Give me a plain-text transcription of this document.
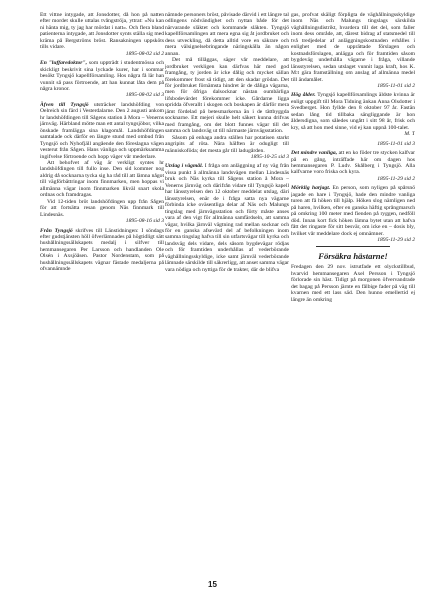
Ett vittne intygade, att Jonsdotter, då hon på natten efter mordet skulle uttalas tvångströja, yttrat: »Nu kan ni hänta mig, ty jag har mördat i natt». Och flera bland patienterna intygade, att Jonsdotter synts ställa sig med kräma på Bergströms bröst. Ransakningen uppsköts tills vidare.

1895-08-02 sid 2

En "luffaredoktor", som uppträdt i studentmössa och skickligt beskrivit sina lyckade kurer, har i sommar besökt Tyngsjö kapellförsamling. Hos några få lär han vunnit så pass förtroende, att han kunnat låta dem på några kronor.

1895-08-02 sid 3

Äfven till Tyngsjö utsträcker landshöfding von Oelreich sin färd i Vesterdalarne. Den 2 augusti ankom hr landshöfdingen till Sågens station å Mora – Venerns järnväg. Härbland mötte man ett antal tyngsjöbor, vilka önskade framlägga sina klagomål. Landshöfdingen samtalade ock därför en längre stund med ombud från Tyngsjö och Nyhofjäll angående den föreslagna vägen vesterut från Sågen. Hans vänliga och uppmärksamma ingifvelse förtroende och hopp väger vår mederlare.

Att behofvet af väg är verkligt syntes hr landshöfdingen till fullo inse. Den sid kommer nog aldrig då socknarna tycka sig ha råd till att lämna något till vägförbättringar inom finnmarken, men hoppas vi allmänna vägar inom finnmarken likväl snart skola ordnas och framdragas.

Vid 12-tiden bröt landshöfdingen upp från Sågen för att fortsätta resan genom Näs finnmark till Lindesnäs.

1895-08-16 sid 3

Från Tyngsjö skrifves till Länstidningen: I söndags efter gudstjänsten höll öfverlämnades på högtidligt sätt hushållningssällskapets medalj i silfver till hemmansegaren Per Larsson och handlanden Ole Olsén i Axsjöåsen. Pastor Nordenstam, som på hushållningssällskapets vägnar fästade medaljerna på ofvannämnde

nämnde personers bröst, påvisade därvid i ett längre tal odlingens nödvändighet och nyttan både för det närvarande släktet och kommande släkten. Tyngsjö kapellförsamlingen att mera egna sig åt jordbruket och dess utveckling, då detta alltid vore en säkrare och mera välsignelsebringande näringskälla än någon annan.

Det må tillåggas, säger vår meddelare, att jordbruket verkligen kan därfvas här med god framgång, ty jorden är icke dålig och mycket sällan förekommer frost så tidigt, att den skadar grödan. Det för jordbruket förnämsta hindret är de dåliga vägarna, men för öfriga dalsocknar nästan oumbärliga lifsbodevärdet förekommer icke. Gårdarne ligga spridda öfverallt i skogen och boskapen är därför mera jämt fördelad på betesmarkerna än i de tättbyggda socknarne. Ett mejeri skulle helt säkert kunna drifvas med framgång, om det blott funnes vägar till det samma och landsväg ut till närmaste järnvägsstation.

Såsom på enhaga andra ställen har potatisen starkt angripits af röta. Nära hälften är odugligt till människoföda; det mesta går till ladugården.

1895-10-25 sid 3

Utslag i vägmål. I fråga om anläggning af ny väg från vissa punkt å allmänna landsvägen mellan Lindesnäs bruk och Näs kyrka till Sågens station å Mora – Venerns järnväg och därifrån vidare till Tyngsjö kapell har länsstyrelsen den 12 oktober meddelat utslag, däri länsstyrelsen, enär de i fråga satta nya vägarne förbinda icke oväsentliga delar af Näs och Malungs tingslag med järnvägsstation och förty måste anses vara af den vigt för allmänna samfärdseln, att samma vägar, hvilka järnväl vägtning rad mellan socknar och för en ganska afsevärd del af befolkningen inom samma tingslag hafva till sin utfartsvägar till kyrka och landsväg dels vidare, dels såsom bygdevägar rödjas och för framtiden underhållas af vederbörande väghållningsskyldige, icke samt järnväl vederbörande lämnade särskilde till säkrerligg, att anset samma vägar vara nödiga och nyttiga för de trakter, där de blifva

gas, profvat skäligt förpligta de väghållningsskyldige inom Näs och Malungs tingslags särskilda väghållningsdistrikt, hvardera till det del, som faller inom dess område, att, därest bidrag af statsmedel till två tredjedelar af anläggningskostnaden erhålles i enlighet med de upprättade förslagen och kostnadsförslagen, anlägga och för framtiden såsom bygdeväg underhålla vägarne i fråga, villande länsstyrelsen, sedan utslaget vunnit laga kraft, hos K. M:t gära framställning om anslag af allmänna medel till ändamålet.

1895-11-01 sid 2

Hög ålder. Tyngsjö kapellförsamlings äldste kvinna är enligt uppgift till Mora Tidning änkan Anna Olsdotter i Svedberget. Hon fyllde den 8 oktober 97 år. Fastän sedan lång tid tillbaka sängliggande är hon åldersdigna, som således ungått i sitt 98 år, frisk och kry, så att hon med sinne, vid ej kan uppnå 100-talet.

M. T
1895-11-01 sid 3

Det mindre vanliga, att en ko föder tre stycken kalfvar på en gång, inträffade här om dagen hos hemmansegaren P. Ludv. Skålberg i Tyngsjö. Alla kalfvarne voro friska och kyra.

1895-11-29 sid 2

Mörklig harjagt. En person, som nyligen på spårsnö jagade en hare i Tyngsjö, hade den mindre vanliga turen att få höken till hjälp. Höken slog nämligen ned på haren, hvilken, efter en ganska häftig språngmarsch på omkring 100 meter med fienden på ryggen, nedföll död. Innan kort fick höken lämna bytet utan att hafva fått det ringaste för sitt besvär, om icke en – dosis bly, hvilket vår meddelare dock ej omnämner.

1895-11-29 sid 2
Försäkra hästarne!

Fredagen den 29 nov. istrutfade ett olyckstillbud, hvarvid hemmansegaren Axel Persson i Tyngsjö förlorade sin häst. Tidigt på morgonen öfvervandrade det bagag på Persson järnte en fålbige fader på väg till kvarnen med ett lass säd. Den hunno emellertid ej längre än omkring

15
